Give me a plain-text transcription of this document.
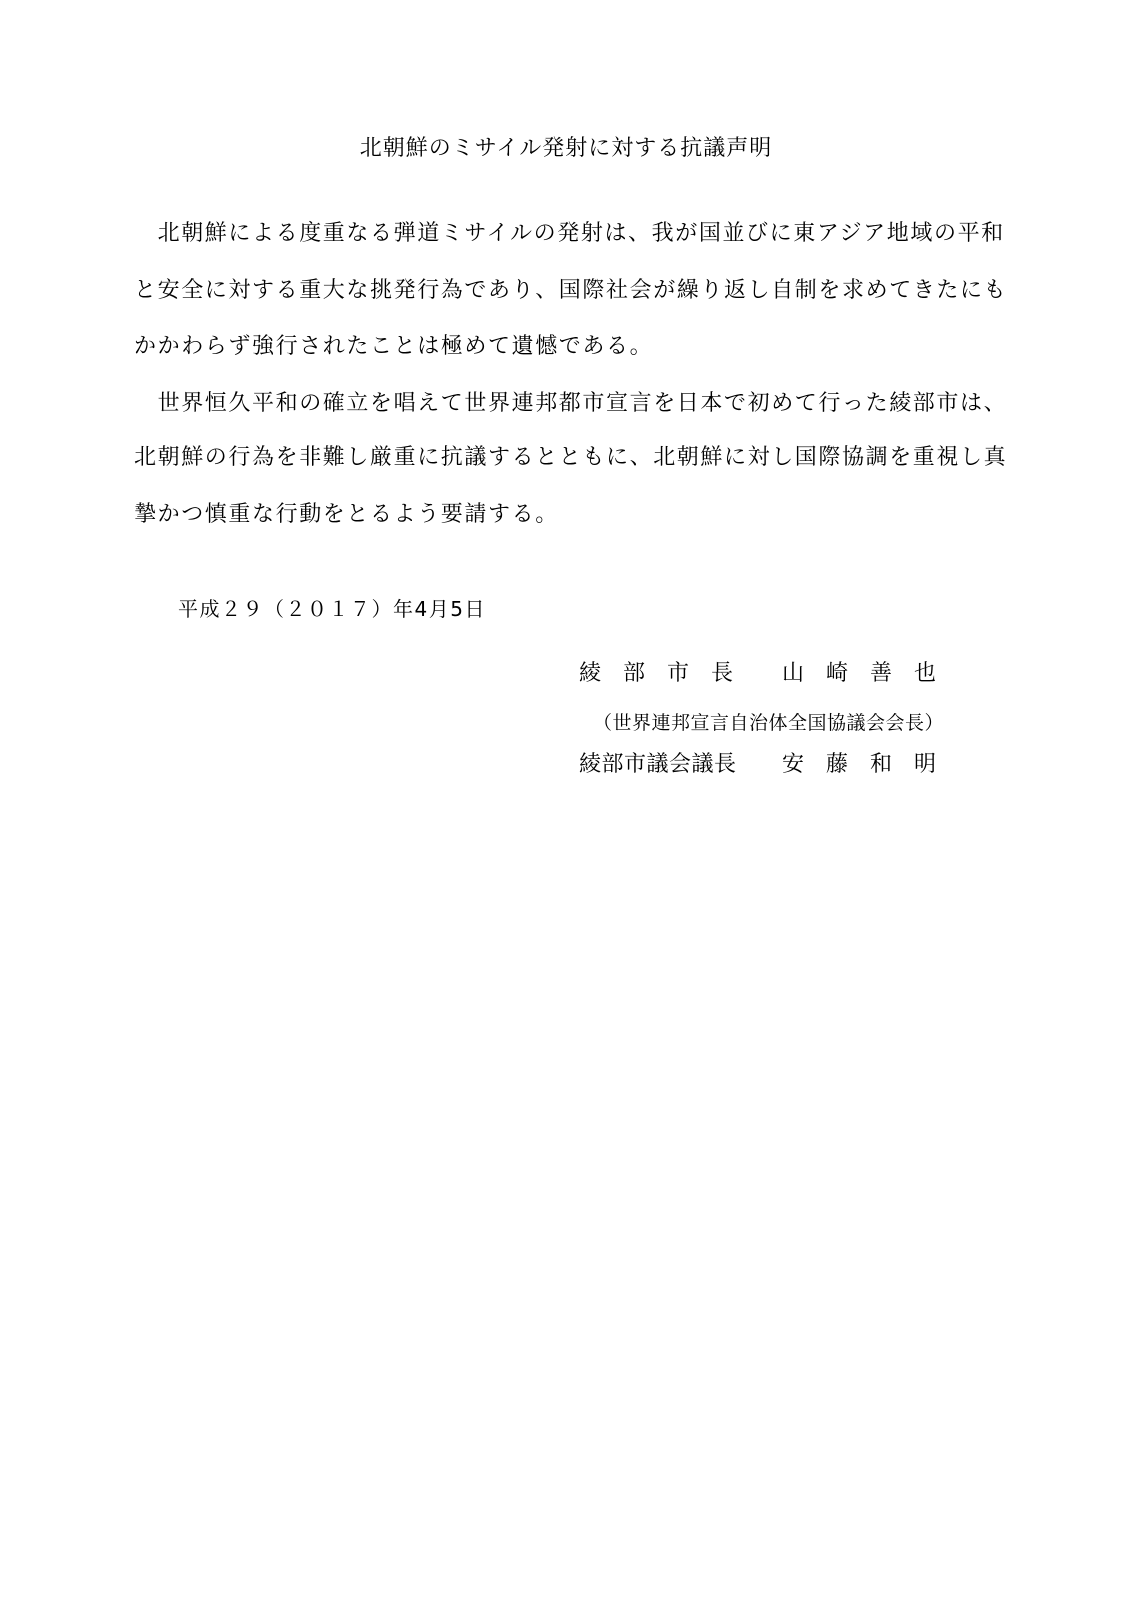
北朝鮮のミサイル発射に対する抗議声明
　北朝鮮による度重なる弾道ミサイルの発射は、我が国並びに東アジア地域の平和
と安全に対する重大な挑発行為であり、国際社会が繰り返し自制を求めてきたにも
かかわらず強行されたことは極めて遺憾である。
　世界恒久平和の確立を唱えて世界連邦都市宣言を日本で初めて行った綾部市は、
北朝鮮の行為を非難し厳重に抗議するとともに、北朝鮮に対し国際協調を重視し真
摯かつ慎重な行動をとるよう要請する。
平成２９（２０１７）年4月5日
綾 部 市 長 山 崎 善 也
（世界連邦宣言自治体全国協議会会長）
綾部市議会議長 安 藤 和 明
